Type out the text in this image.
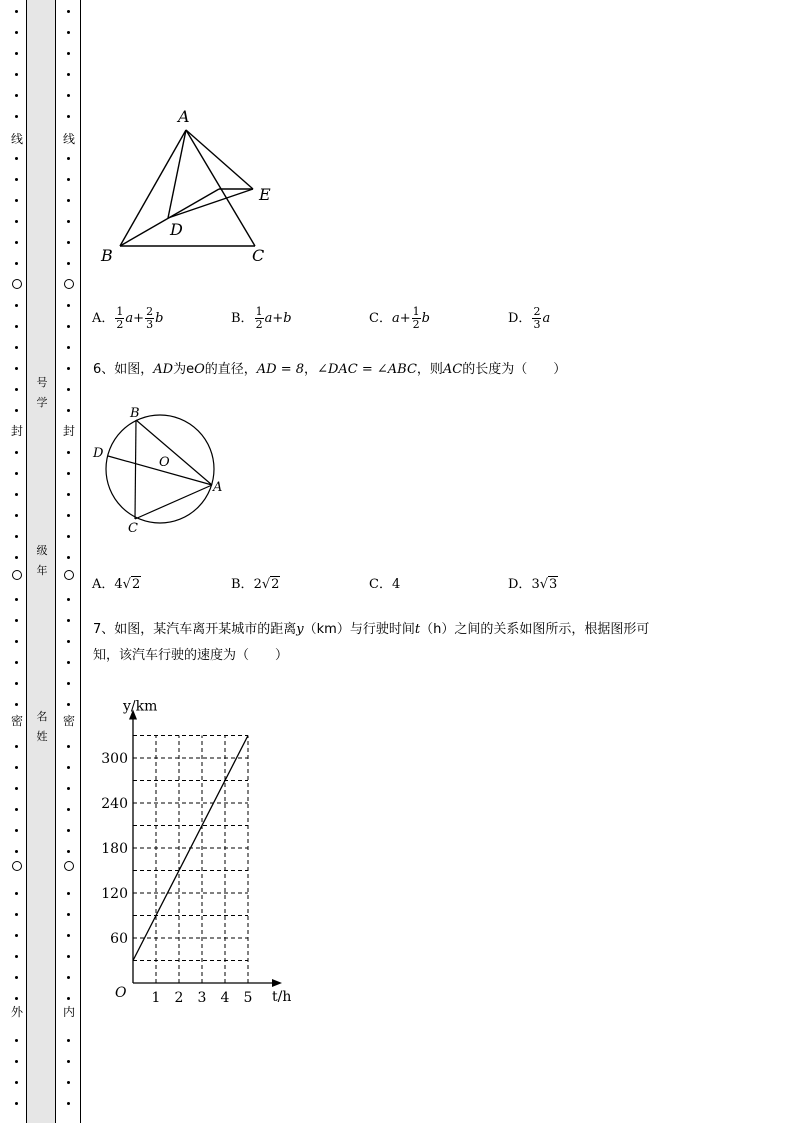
线
封
密
外
线
封
密
内
号
学
级
年
名
姓
A
E
D
B	C
A． $\frac{1}{2} a+ \frac{2}{3}$ b	B． $\frac{1}{2} a+b$	C．$a+ \frac{1}{2}$ b	D． $\frac{2}{3}$ a
6、如图，AD为eO的直径，AD = 8，∠DAC = ∠ABC，则AC的长度为（　　）
B
D
O
A
C
A．4√2	B．2√2	C．4	D．3√3
7、如图，某汽车离开某城市的距离y（km）与行驶时间t（h）之间的关系如图所示，根据图形可
知，该汽车行驶的速度为（　　）
1 2 3 4 5
60
120
180
240
300
O	t/h
y/km
